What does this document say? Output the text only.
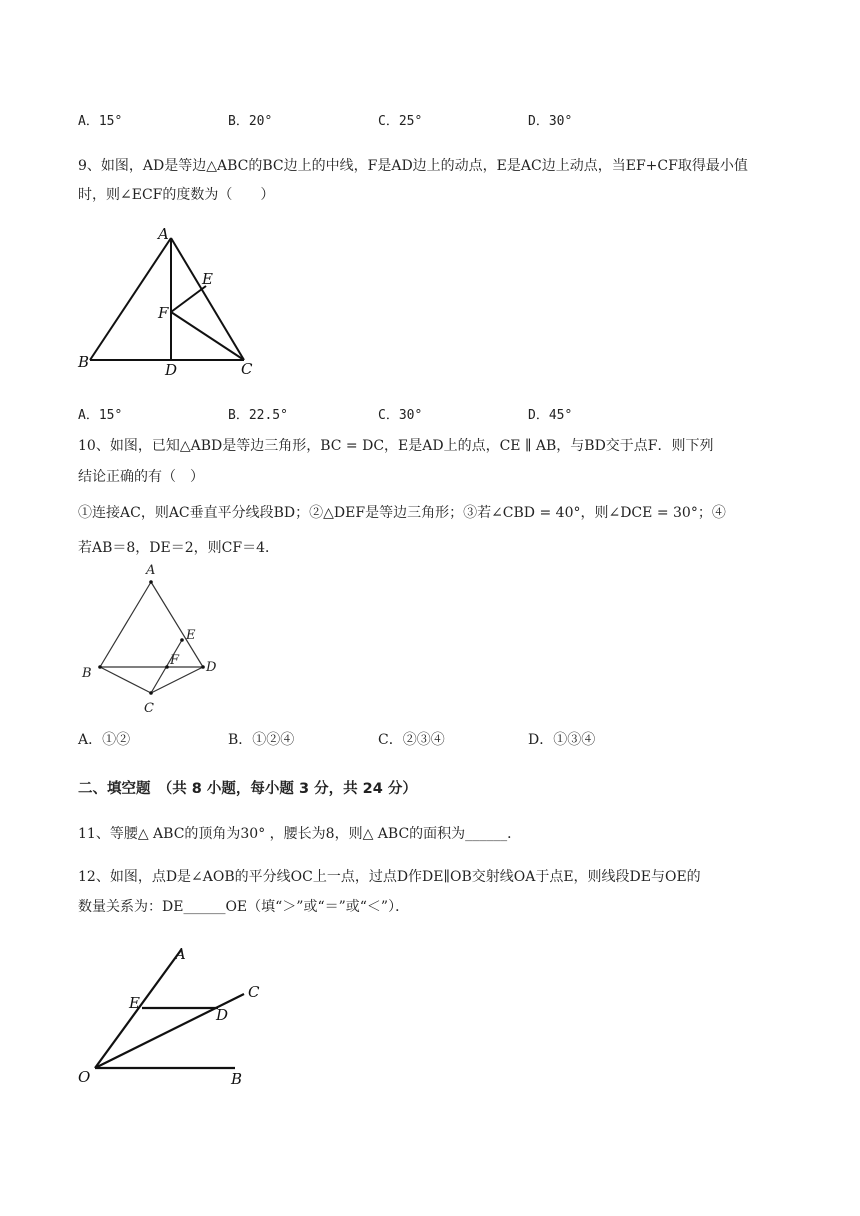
A．15°	B．20°	C．25°	D．30°
9、如图，AD是等边△ABC的BC边上的中线，F是AD边上的动点，E是AC边上动点，当EF+CF取得最小值
时，则∠ECF的度数为（　　）
A
B	C
D
E
F
A．15°	B．22.5°	C．30°	D．45°
10、如图，已知△ABD是等边三角形，BC = DC，E是AD上的点，CE ∥ AB，与BD交于点F．则下列
结论正确的有（　）
①连接AC，则AC垂直平分线段BD；②△DEF是等边三角形；③若∠CBD = 40°，则∠DCE = 30°；④
若AB＝8，DE＝2，则CF＝4．
A
B
C
D
E
F
A．①②	B．①②④	C．②③④	D．①③④
二、填空题　（共 8 小题，每小题 3 分，共 24 分）
11、等腰△ ABC的顶角为30° ，腰长为8，则△ ABC的面积为______．
12、如图，点D是∠AOB的平分线OC上一点，过点D作DE∥OB交射线OA于点E，则线段DE与OE的
数量关系为：DE______OE（填“＞”或“＝”或“＜”）．
A
B
C
D
E
O
